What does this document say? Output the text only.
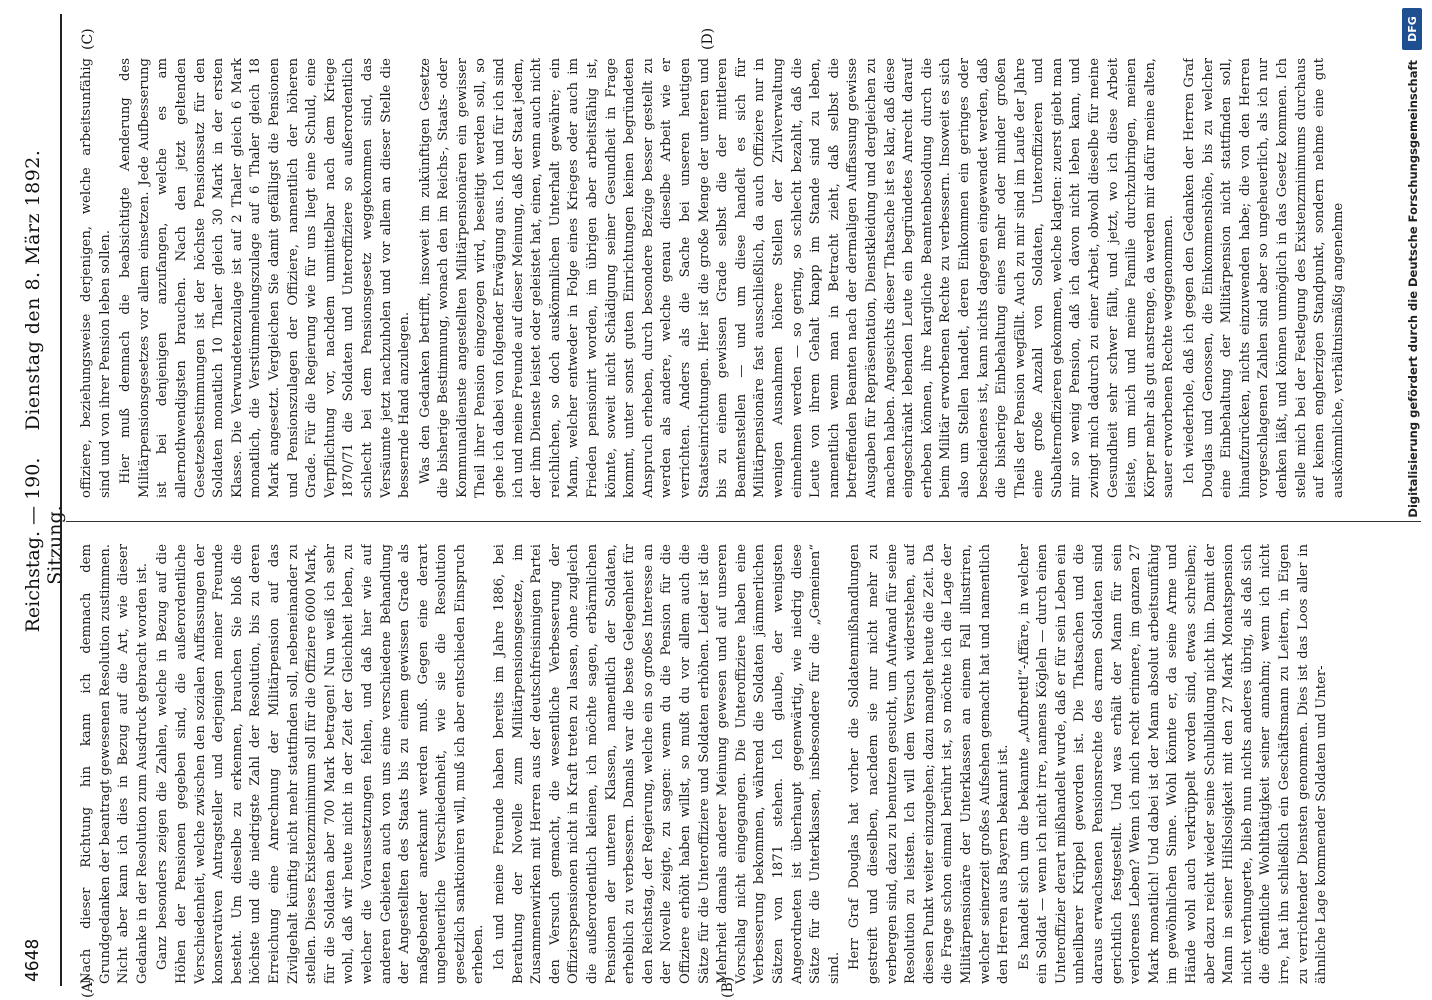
4648
Reichstag. — 190. Sitzung.
Dienstag den 8. März 1892.
(A)	(B)
(C)	(D)

Nach dieser Richtung hin kann ich demnach dem Grundgedanken der beantragt gewesenen Resolution zustimmen. Nicht aber kann ich dies in Bezug auf die Art, wie dieser Gedanke in der Resolution zum Ausdruck gebracht worden ist. Ganz besonders zeigen die Zahlen, welche in Bezug auf die Höhen der Pensionen gegeben sind, die außerordentliche Verschiedenheit, welche zwischen den sozialen Auffassungen der konservativen Antragsteller und derjenigen meiner Freunde besteht. Um dieselbe zu erkennen, brauchen Sie bloß die höchste und die niedrigste Zahl der Resolution, bis zu deren Erreichung eine Anrechnung der Militärpension auf das Zivilgehalt künftig nicht mehr stattfinden soll, nebeneinander zu stellen. Dieses Existenzminimum soll für die Offiziere 6000 Mark, für die Soldaten aber 700 Mark betragen! Nun weiß ich sehr wohl, daß wir heute nicht in der Zeit der Gleichheit leben, zu welcher die Voraussetzungen fehlen, und daß hier wie auf anderen Gebieten auch von uns eine verschiedene Behandlung der Angestellten des Staats bis zu einem gewissen Grade als maßgebender anerkannt werden muß. Gegen eine derart ungeheuerliche Verschiedenheit, wie sie die Resolution gesetzlich sanktioniren will, muß ich aber entschieden Einspruch erheben. Ich und meine Freunde haben bereits im Jahre 1886, bei Berathung der Novelle zum Militärpensionsgesetze, im Zusammenwirken mit Herren aus der deutschfreisinnigen Partei den Versuch gemacht, die wesentliche Verbesserung der Offizierspensionen nicht in Kraft treten zu lassen, ohne zugleich die außerordentlich kleinen, ich möchte sagen, erbärmlichen Pensionen der unteren Klassen, namentlich der Soldaten, erheblich zu verbessern. Damals war die beste Gelegenheit für den Reichstag, der Regierung, welche ein so großes Interesse an der Novelle zeigte, zu sagen: wenn du die Pension für die Offiziere erhöht haben willst, so mußt du vor allem auch die Sätze für die Unteroffiziere und Soldaten erhöhen. Leider ist die Mehrheit damals anderer Meinung gewesen und auf unseren Vorschlag nicht eingegangen. Die Unteroffiziere haben eine Verbesserung bekommen, während die Soldaten jämmerlichen Sätzen von 1871 stehen. Ich glaube, der wenigsten Angeordneten ist überhaupt gegenwärtig, wie niedrig diese Sätze für die Unterklassen, insbesondere für die „Gemeinen“ sind. Herr Graf Douglas hat vorher die Soldatenmißhandlungen gestreift und dieselben, nachdem sie nur nicht mehr zu verbergen sind, dazu zu benutzen gesucht, um Aufwand für seine Resolution zu leisten. Ich will dem Versuch widerstehen, auf diesen Punkt weiter einzugehen; dazu mangelt heute die Zeit. Da die Frage schon einmal berührt ist, so möchte ich die Lage der Militärpensionäre der Unterklassen an einem Fall illustriren, welcher seinerzeit großes Aufsehen gemacht hat und namentlich den Herren aus Bayern bekannt ist. Es handelt sich um die bekannte „Aufbrettl“-Affäre, in welcher ein Soldat — wenn ich nicht irre, namens Kögleln — durch einen Unteroffizier derart mißhandelt wurde, daß er für sein Leben ein unheilbarer Krüppel geworden ist. Die Thatsachen und die daraus erwachsenen Pensionsrechte des armen Soldaten sind gerichtlich festgestellt. Und was erhält der Mann für sein verlorenes Leben? Wenn ich mich recht erinnere, im ganzen 27 Mark monatlich! Und dabei ist der Mann absolut arbeitsunfähig im gewöhnlichen Sinne. Wohl könnte er, da seine Arme und Hände wohl auch verkrüppelt worden sind, etwas schreiben; aber dazu reicht wieder seine Schulbildung nicht hin. Damit der Mann in seiner Hilfslosigkeit mit den 27 Mark Monatspension nicht verhungerte, blieb nun nichts anderes übrig, als daß sich die öffentliche Wohlthätigkeit seiner annahm; wenn ich nicht irre, hat ihn schließlich ein Geschäftsmann zu Leitern, in Eigen zu verrichtender Diensten genommen. Dies ist das Loos aller in ähnliche Lage kommender Soldaten und Unter-

offiziere, beziehungsweise derjenigen, welche arbeitsunfähig sind und von ihrer Pension leben sollen. Hier muß demnach die beabsichtigte Aenderung des Militärpensionsgesetzes vor allem einsetzen. Jede Aufbesserung ist bei denjenigen anzufangen, welche es am allernothwendigsten brauchen. Nach den jetzt geltenden Gesetzesbestimmungen ist der höchste Pensionssatz für den Soldaten monatlich 10 Thaler gleich 30 Mark in der ersten Klasse. Die Verwundetenzulage ist auf 2 Thaler gleich 6 Mark monatlich, die Verstümmelungszulage auf 6 Thaler gleich 18 Mark angesetzt. Vergleichen Sie damit gefälligst die Pensionen und Pensionszulagen der Offiziere, namentlich der höheren Grade. Für die Regierung wie für uns liegt eine Schuld, eine Verpflichtung vor, nachdem unmittelbar nach dem Kriege 1870/71 die Soldaten und Unteroffiziere so außerordentlich schlecht bei dem Pensionsgesetz weggekommen sind, das Versäumte jetzt nachzuholen und vor allem an dieser Stelle die bessernde Hand anzulegen. Was den Gedanken betrifft, insoweit im zukünftigen Gesetze die bisherige Bestimmung, wonach den im Reichs-, Staats- oder Kommunaldienste angestellten Militärpensionären ein gewisser Theil ihrer Pension eingezogen wird, beseitigt werden soll, so gehe ich dabei von folgender Erwägung aus. Ich und für ich sind ich und meine Freunde auf dieser Meinung, daß der Staat jedem, der ihm Dienste leistet oder geleistet hat, einen, wenn auch nicht reichlichen, so doch auskömmlichen Unterhalt gewähre; ein Mann, welcher entweder in Folge eines Krieges oder auch im Frieden pensionirt worden, im übrigen aber arbeitsfähig ist, könnte, soweit nicht Schädigung seiner Gesundheit in Frage kommt, unter sonst guten Einrichtungen keinen begründeten Anspruch erheben, durch besondere Bezüge besser gestellt zu werden als andere, welche genau dieselbe Arbeit wie er verrichten. Anders als die Sache bei unseren heutigen Staatseinrichtungen. Hier ist die große Menge der unteren und bis zu einem gewissen Grade selbst die der mittleren Beamtenstellen — und um diese handelt es sich für Militärpensionäre fast ausschließlich, da auch Offiziere nur in wenigen Ausnahmen höhere Stellen der Zivilverwaltung einnehmen werden — so gering, so schlecht bezahlt, daß die Leute von ihrem Gehalt knapp im Stande sind zu leben, namentlich wenn man in Betracht zieht, daß selbst die betreffenden Beamten nach der dermaligen Auffassung gewisse Ausgaben für Repräsentation, Dienstkleidung und dergleichen zu machen haben. Angesichts dieser Thatsache ist es klar, daß diese eingeschränkt lebenden Leute ein begründetes Anrecht darauf erheben können, ihre kargliche Beamtenbesoldung durch die beim Militär erworbenen Rechte zu verbessern. Insoweit es sich also um Stellen handelt, deren Einkommen ein geringes oder bescheidenes ist, kann nichts dagegen eingewendet werden, daß die bisherige Einbehaltung eines mehr oder minder großen Theils der Pension wegfällt. Auch zu mir sind im Laufe der Jahre eine große Anzahl von Soldaten, Unteroffizieren und Subalternoffizieren gekommen, welche klagten: zuerst giebt man mir so wenig Pension, daß ich davon nicht leben kann, und zwingt mich dadurch zu einer Arbeit, obwohl dieselbe für meine Gesundheit sehr schwer fällt, und jetzt, wo ich diese Arbeit leiste, um mich und meine Familie durchzubringen, meinen Körper mehr als gut anstrenge, da werden mir dafür meine alten, sauer erworbenen Rechte weggenommen. Ich wiederhole, daß ich gegen den Gedanken der Herren Graf Douglas und Genossen, die Einkommenshöhe, bis zu welcher eine Einbehaltung der Militärpension nicht stattfinden soll, hinaufzurücken, nichts einzuwenden habe; die von den Herren vorgeschlagenen Zahlen sind aber so ungeheuerlich, als ich nur denken läßt, und können unmöglich in das Gesetz kommen. Ich stelle mich bei der Festlegung des Existenzminimums durchaus auf keinen engherzigen Standpunkt, sondern nehme eine gut auskömmliche, verhältnismäßig angenehme	Digitalisierung gefördert durch die Deutsche Forschungsgemeinschaft
DFG
